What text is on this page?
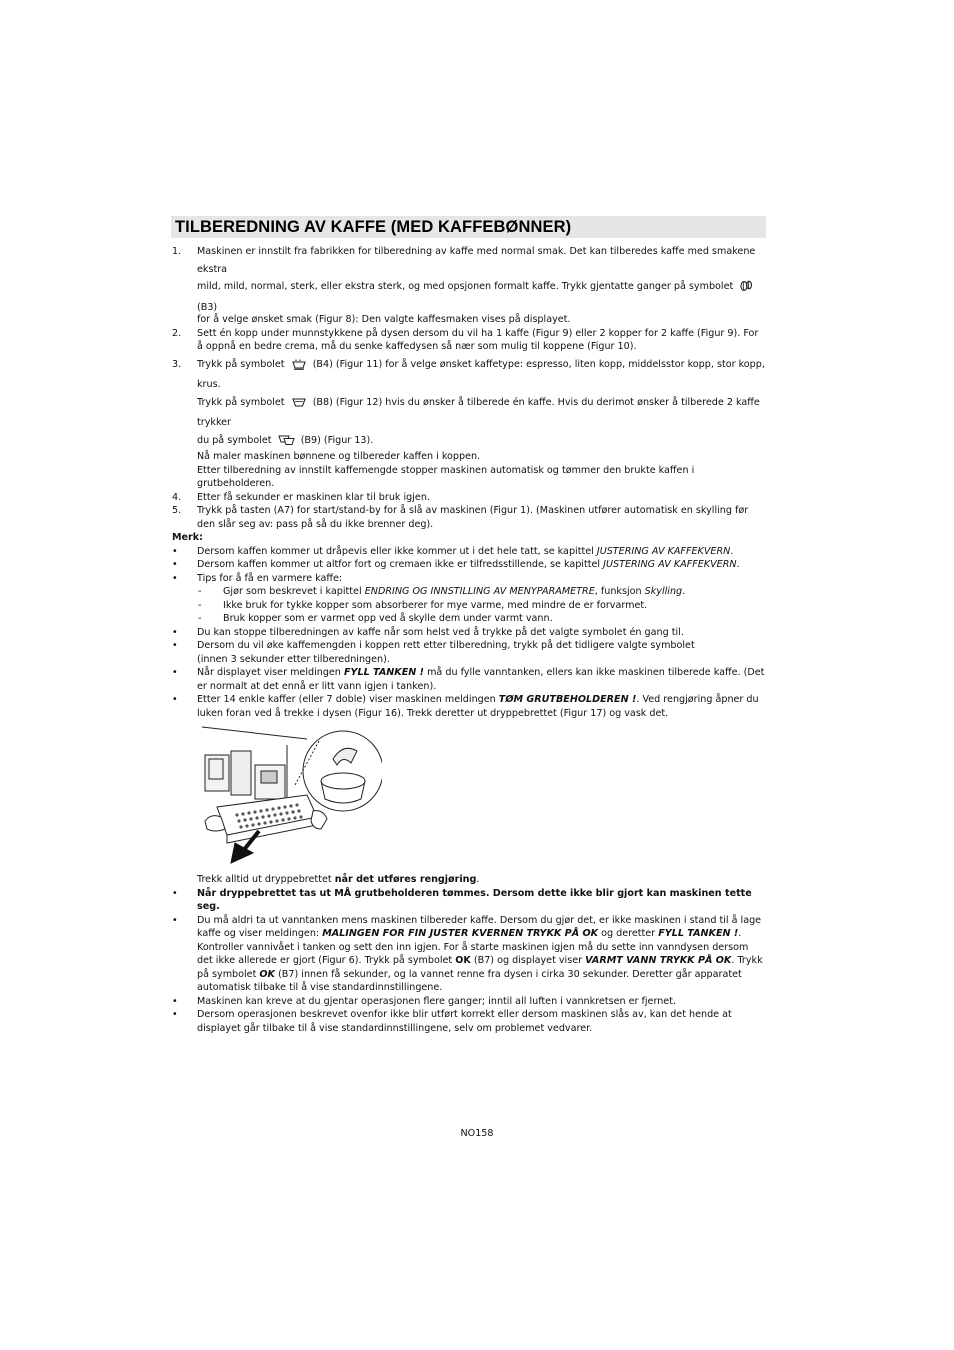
TILBEREDNING AV KAFFE (MED KAFFEBØNNER)
1. Maskinen er innstilt fra fabrikken for tilberedning av kaffe med normal smak. Det kan tilberedes kaffe med smakene ekstra
mild, mild, normal, sterk, eller ekstra sterk, og med opsjonen formalt kaffe. Trykk gjentatte ganger på symbolet  (B3)

for å velge ønsket smak (Figur 8): Den valgte kaffesmaken vises på displayet.
2. Sett én kopp under munnstykkene på dysen dersom du vil ha 1 kaffe (Figur 9) eller 2 kopper for 2 kaffe (Figur 9). For å oppnå en bedre crema, må du senke kaffedysen så nær som mulig til koppene (Figur 10).
3. Trykk på symbolet	(B4) (Figur 11) for å velge ønsket kaffetype: espresso, liten kopp, middelsstor kopp, stor kopp, krus.
Trykk på symbolet	(B8) (Figur 12) hvis du ønsker å tilberede én kaffe. Hvis du derimot ønsker å tilberede 2 kaffe trykker
du på symbolet	(B9) (Figur 13).
Nå maler maskinen bønnene og tilbereder kaffen i koppen.
Etter tilberedning av innstilt kaffemengde stopper maskinen automatisk og tømmer den brukte kaffen i grutbeholderen.
4. Etter få sekunder er maskinen klar til bruk igjen.
5. Trykk på tasten (A7) for start/stand-by for å slå av maskinen (Figur 1). (Maskinen utfører automatisk en skylling før den slår seg av: pass på så du ikke brenner deg).
Merk:
• Dersom kaffen kommer ut dråpevis eller ikke kommer ut i det hele tatt, se kapittel JUSTERING AV KAFFEKVERN.
• Dersom kaffen kommer ut altfor fort og cremaen ikke er tilfredsstillende, se kapittel JUSTERING AV KAFFEKVERN.
• Tips for å få en varmere kaffe:
- Gjør som beskrevet i kapittel ENDRING OG INNSTILLING AV MENYPARAMETRE, funksjon Skylling.
- Ikke bruk for tykke kopper som absorberer for mye varme, med mindre de er forvarmet.
- Bruk kopper som er varmet opp ved å skylle dem under varmt vann.
• Du kan stoppe tilberedningen av kaffe når som helst ved å trykke på det valgte symbolet én gang til.
• Dersom du vil øke kaffemengden i koppen rett etter tilberedning, trykk på det tidligere valgte symbolet
(innen 3 sekunder etter tilberedningen).
• Når displayet viser meldingen FYLL TANKEN ! må du fylle vanntanken, ellers kan ikke maskinen tilberede kaffe. (Det er normalt at det ennå er litt vann igjen i tanken).
• Etter 14 enkle kaffer (eller 7 doble) viser maskinen meldingen TØM GRUTBEHOLDEREN !. Ved rengjøring åpner du luken foran ved å trekke i dysen (Figur 16). Trekk deretter ut dryppebrettet (Figur 17) og vask det.
Trekk alltid ut dryppebrettet når det utføres rengjøring.
• Når dryppebrettet tas ut MÅ grutbeholderen tømmes. Dersom dette ikke blir gjort kan maskinen tette seg.
• Du må aldri ta ut vanntanken mens maskinen tilbereder kaffe. Dersom du gjør det, er ikke maskinen i stand til å lage kaffe og viser meldingen: MALINGEN FOR FIN JUSTER KVERNEN TRYKK PÅ OK og deretter FYLL TANKEN !. Kontroller vannivået i tanken og sett den inn igjen. For å starte maskinen igjen må du sette inn vanndysen dersom det ikke allerede er gjort (Figur 6). Trykk på symbolet OK (B7) og displayet viser VARMT VANN TRYKK PÅ OK. Trykk på symbolet OK (B7) innen få sekunder, og la vannet renne fra dysen i cirka 30 sekunder. Deretter går apparatet automatisk tilbake til å vise standardinnstillingene.
• Maskinen kan kreve at du gjentar operasjonen flere ganger; inntil all luften i vannkretsen er fjernet.
• Dersom operasjonen beskrevet ovenfor ikke blir utført korrekt eller dersom maskinen slås av, kan det hende at displayet går tilbake til å vise standardinnstillingene, selv om problemet vedvarer.
NO158
